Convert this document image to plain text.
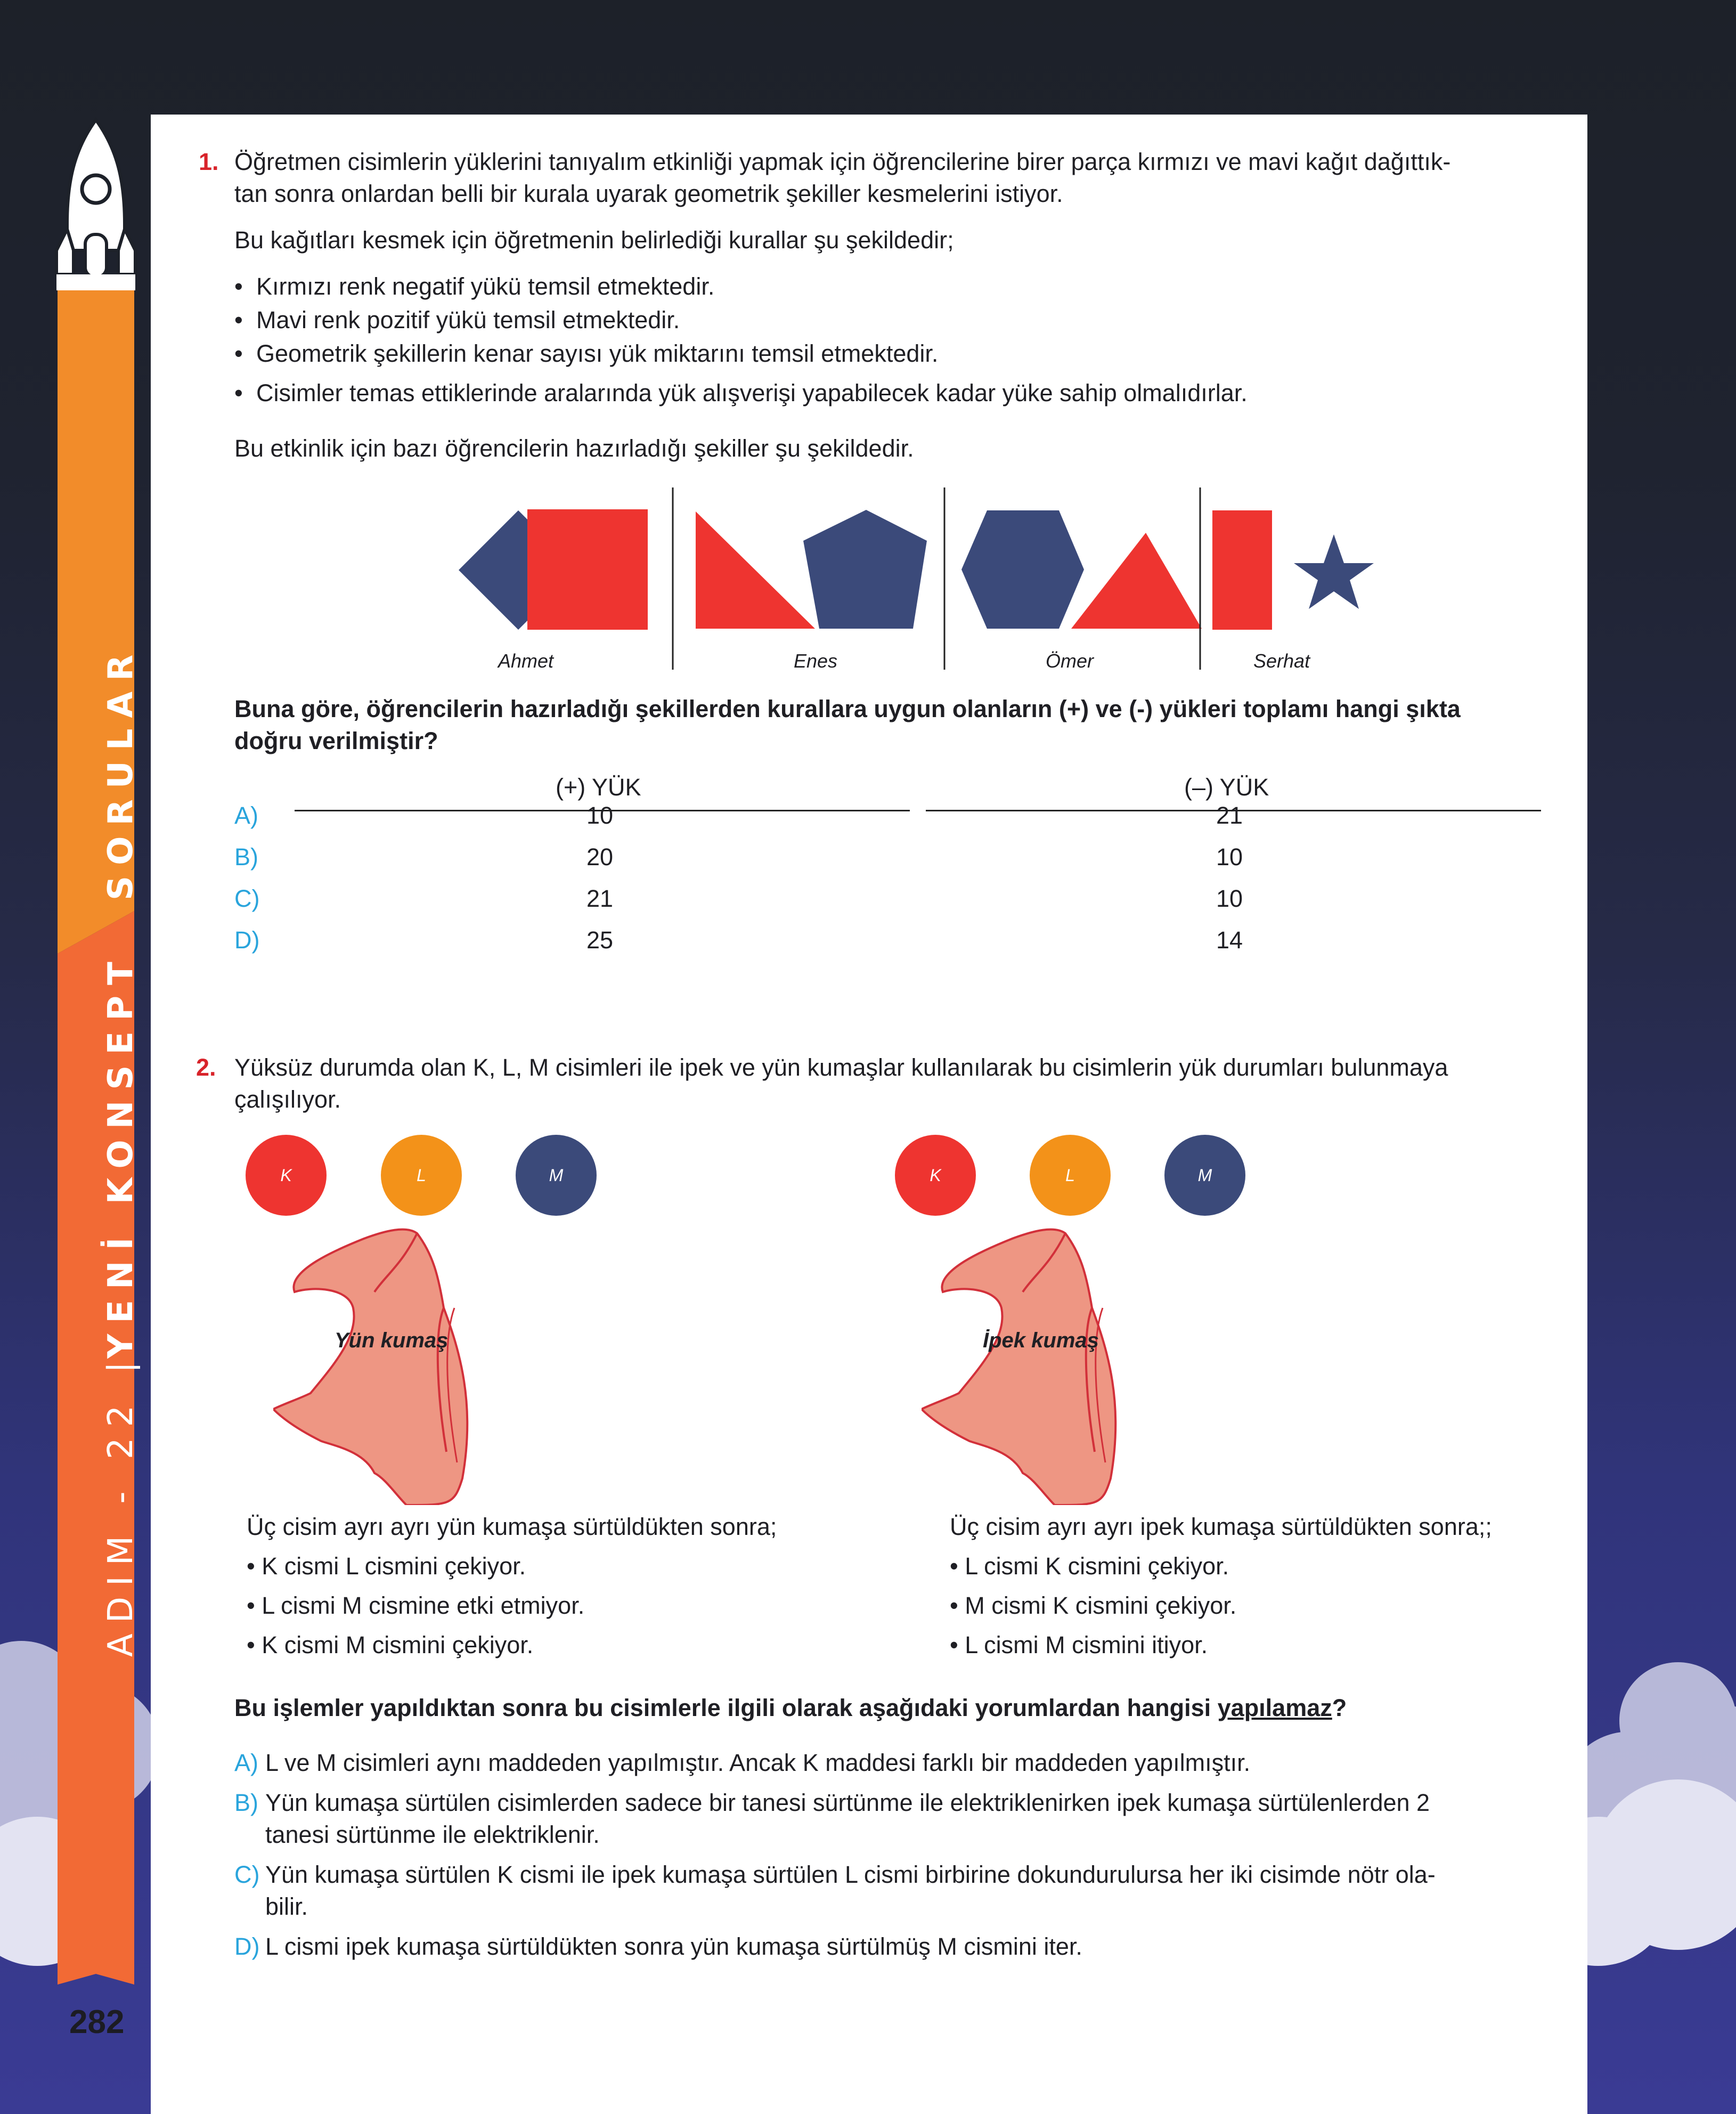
ADIM - 22 |
YENİ KONSEPT
SORULAR
282
1. Öğretmen cisimlerin yüklerini tanıyalım etkinliği yapmak için öğrencilerine birer parça kırmızı ve mavi kağıt dağıttık-
tan sonra onlardan belli bir kurala uyarak geometrik şekiller kesmelerini istiyor.
Bu kağıtları kesmek için öğretmenin belirlediği kurallar şu şekildedir;
• Kırmızı renk negatif yükü temsil etmektedir.
• Mavi renk pozitif yükü temsil etmektedir.
• Geometrik şekillerin kenar sayısı yük miktarını temsil etmektedir.
• Cisimler temas ettiklerinde aralarında yük alışverişi yapabilecek kadar yüke sahip olmalıdırlar.
Bu etkinlik için bazı öğrencilerin hazırladığı şekiller şu şekildedir.
Ahmet	Enes	Ömer	Serhat
Buna göre, öğrencilerin hazırladığı şekillerden kurallara uygun olanların (+) ve (-) yükleri toplamı hangi şıkta
doğru verilmiştir?
(+) YÜK	(–) YÜK
A)	10	21
B)	20	10
C)	21	10
D)	25	14
2. Yüksüz durumda olan K, L, M cisimleri ile ipek ve yün kumaşlar kullanılarak bu cisimlerin yük durumları bulunmaya
çalışılıyor.
K	L	M	K	L	M
Yün kumaş	İpek kumaş
Üç cisim ayrı ayrı yün kumaşa sürtüldükten sonra;
• K cismi L cismini çekiyor.
• L cismi M cismine etki etmiyor.
• K cismi M cismini çekiyor.
Üç cisim ayrı ayrı ipek kumaşa sürtüldükten sonra;;
• L cismi K cismini çekiyor.
• M cismi K cismini çekiyor.
• L cismi M cismini itiyor.
Bu işlemler yapıldıktan sonra bu cisimlerle ilgili olarak aşağıdaki yorumlardan hangisi yapılamaz?
A) L ve M cisimleri aynı maddeden yapılmıştır. Ancak K maddesi farklı bir maddeden yapılmıştır.
B) Yün kumaşa sürtülen cisimlerden sadece bir tanesi sürtünme ile elektriklenirken ipek kumaşa sürtülenlerden 2
tanesi sürtünme ile elektriklenir.
C) Yün kumaşa sürtülen K cismi ile ipek kumaşa sürtülen L cismi birbirine dokundurulursa her iki cisimde nötr ola-
bilir.
D) L cismi ipek kumaşa sürtüldükten sonra yün kumaşa sürtülmüş M cismini iter.
